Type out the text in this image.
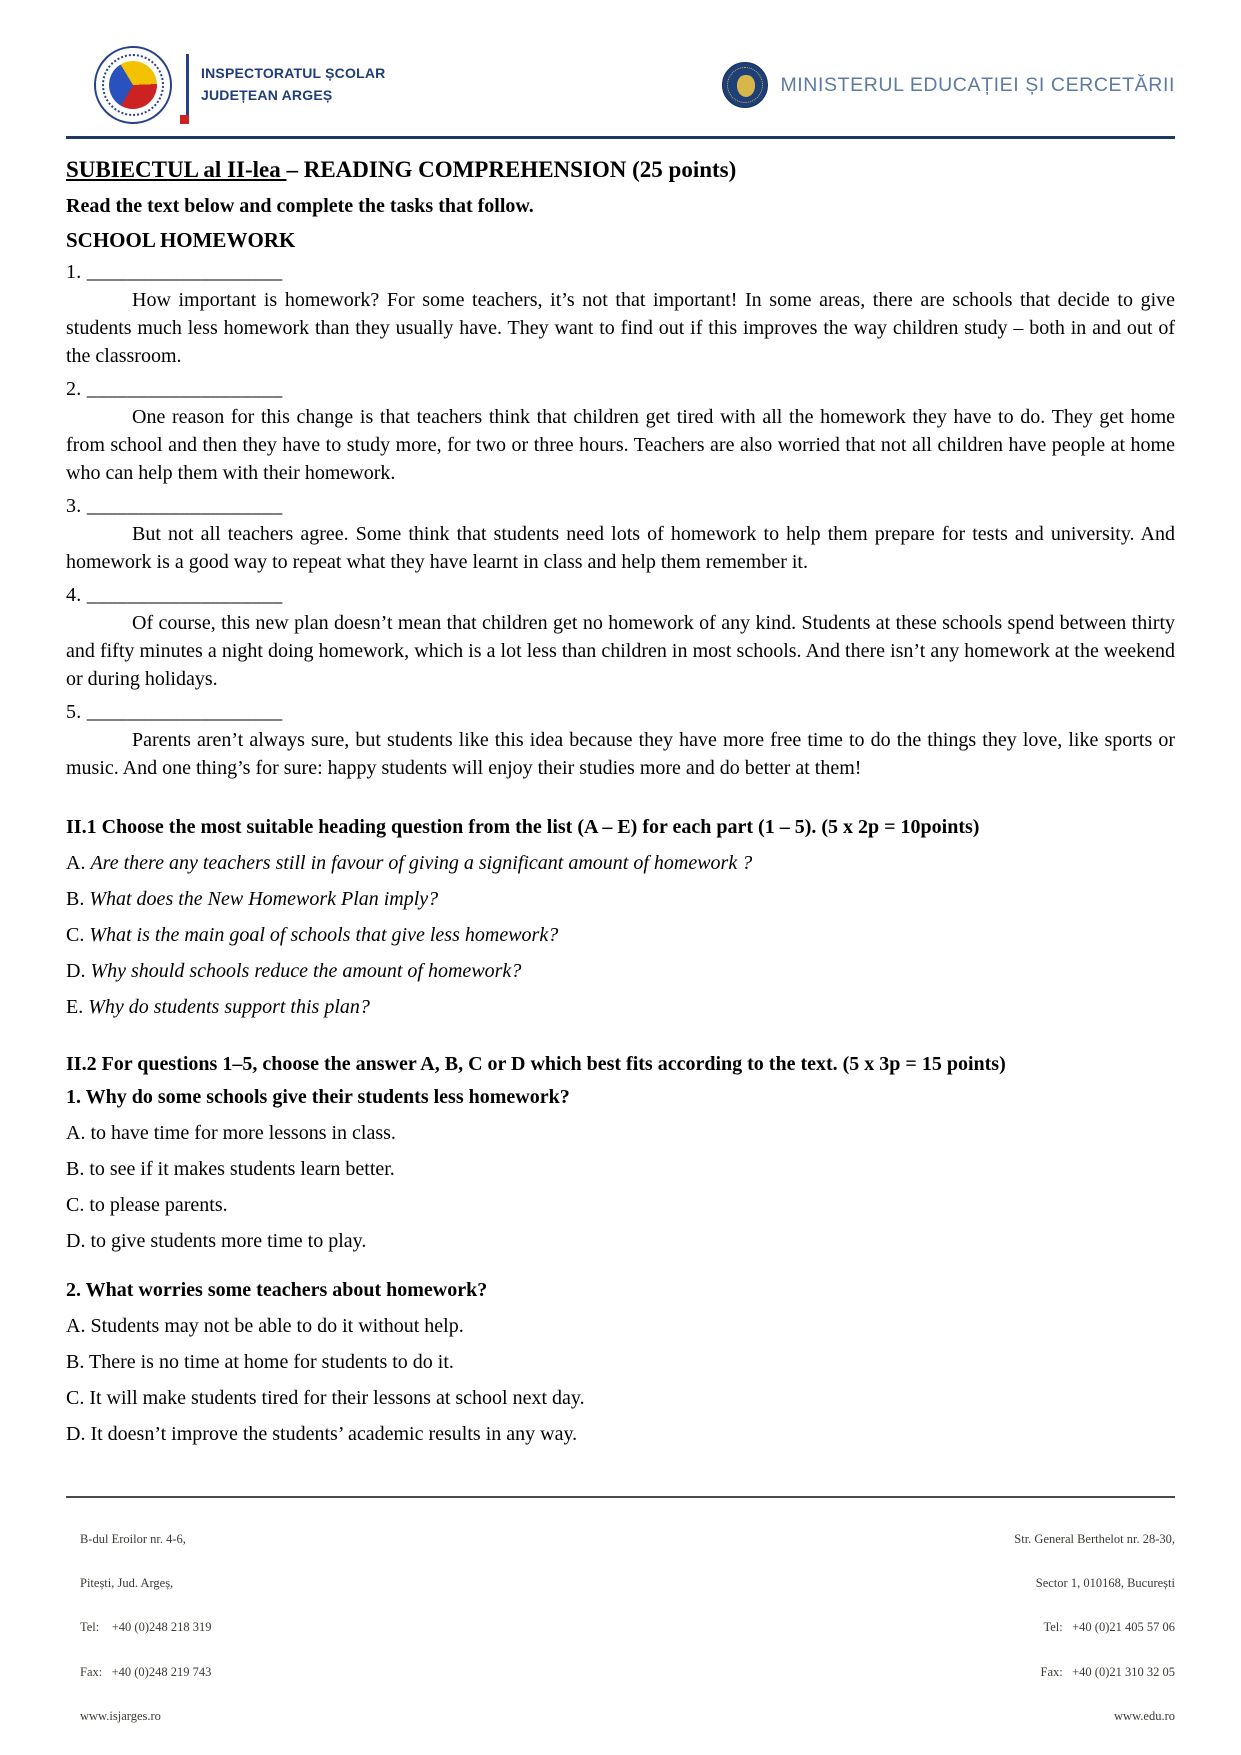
INSPECTORATUL ȘCOLAR
JUDEȚEAN ARGEȘ	MINISTERUL EDUCAȚIEI ȘI CERCETĂRII
SUBIECTUL al II-lea – READING COMPREHENSION (25 points)
Read the text below and complete the tasks that follow.
SCHOOL HOMEWORK
1. ___________________
How important is homework? For some teachers, it’s not that important! In some areas, there are schools that decide to give students much less homework than they usually have. They want to find out if this improves the way children study – both in and out of the classroom.
2. ___________________
One reason for this change is that teachers think that children get tired with all the homework they have to do. They get home from school and then they have to study more, for two or three hours. Teachers are also worried that not all children have people at home who can help them with their homework.
3. ___________________
But not all teachers agree. Some think that students need lots of homework to help them prepare for tests and university. And homework is a good way to repeat what they have learnt in class and help them remember it.
4. ___________________
Of course, this new plan doesn’t mean that children get no homework of any kind. Students at these schools spend between thirty and fifty minutes a night doing homework, which is a lot less than children in most schools. And there isn’t any homework at the weekend or during holidays.
5. ___________________
Parents aren’t always sure, but students like this idea because they have more free time to do the things they love, like sports or music. And one thing’s for sure: happy students will enjoy their studies more and do better at them!
II.1 Choose the most suitable heading question from the list (A – E) for each part (1 – 5). (5 x 2p = 10points)
A. Are there any teachers still in favour of giving a significant amount of homework ?
B. What does the New Homework Plan imply?
C. What is the main goal of schools that give less homework?
D. Why should schools reduce the amount of homework?
E. Why do students support this plan?
II.2 For questions 1–5, choose the answer A, B, C or D which best fits according to the text. (5 x 3p = 15 points)
1. Why do some schools give their students less homework?
A. to have time for more lessons in class.
B. to see if it makes students learn better.
C. to please parents.
D. to give students more time to play.
2. What worries some teachers about homework?
A. Students may not be able to do it without help.
B. There is no time at home for students to do it.
C. It will make students tired for their lessons at school next day.
D. It doesn’t improve the students’ academic results in any way.

B-dul Eroilor nr. 4-6,

Pitești, Jud. Argeș,

Tel:    +40 (0)248 218 319

Fax:   +40 (0)248 219 743

www.isjarges.ro

Str. General Berthelot nr. 28-30,

Sector 1, 010168, București

Tel:   +40 (0)21 405 57 06

Fax:   +40 (0)21 310 32 05

www.edu.ro
